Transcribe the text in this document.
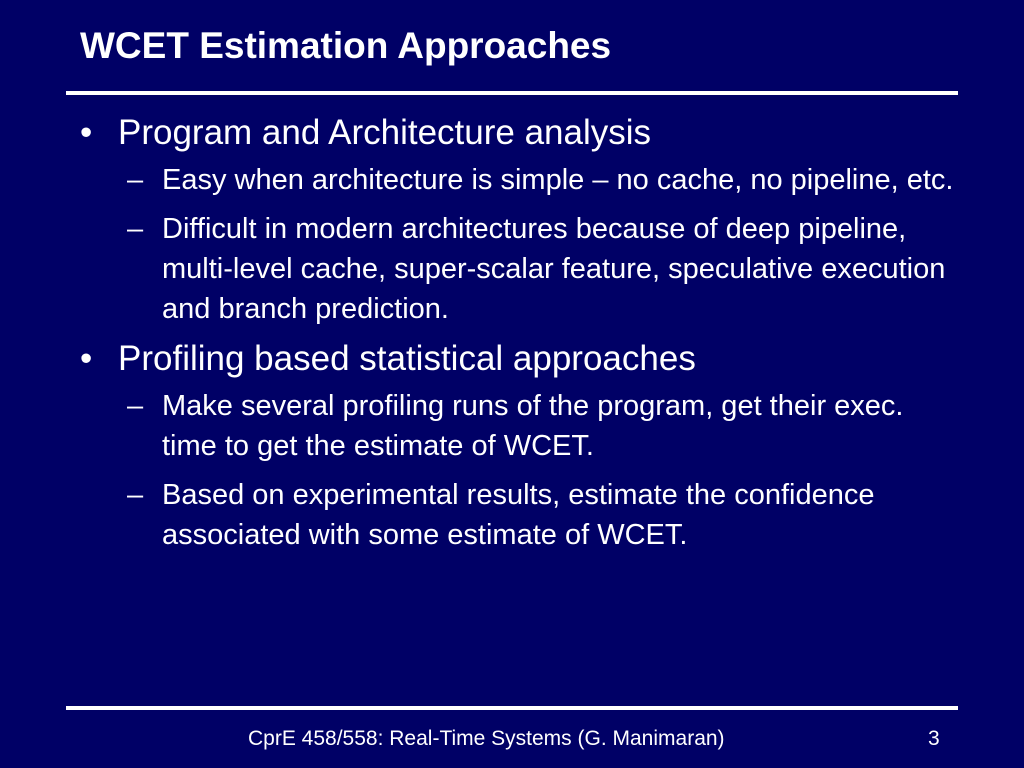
WCET Estimation Approaches
• Program and Architecture analysis
– Easy when architecture is simple – no cache, no pipeline, etc.
– Difficult in modern architectures because of deep pipeline, multi-level cache, super-scalar feature, speculative execution and branch prediction.
• Profiling based statistical approaches
– Make several profiling runs of the program, get their exec. time to get the estimate of WCET.
– Based on experimental results, estimate the confidence associated with some estimate of WCET.
CprE 458/558: Real-Time Systems (G. Manimaran)	3
